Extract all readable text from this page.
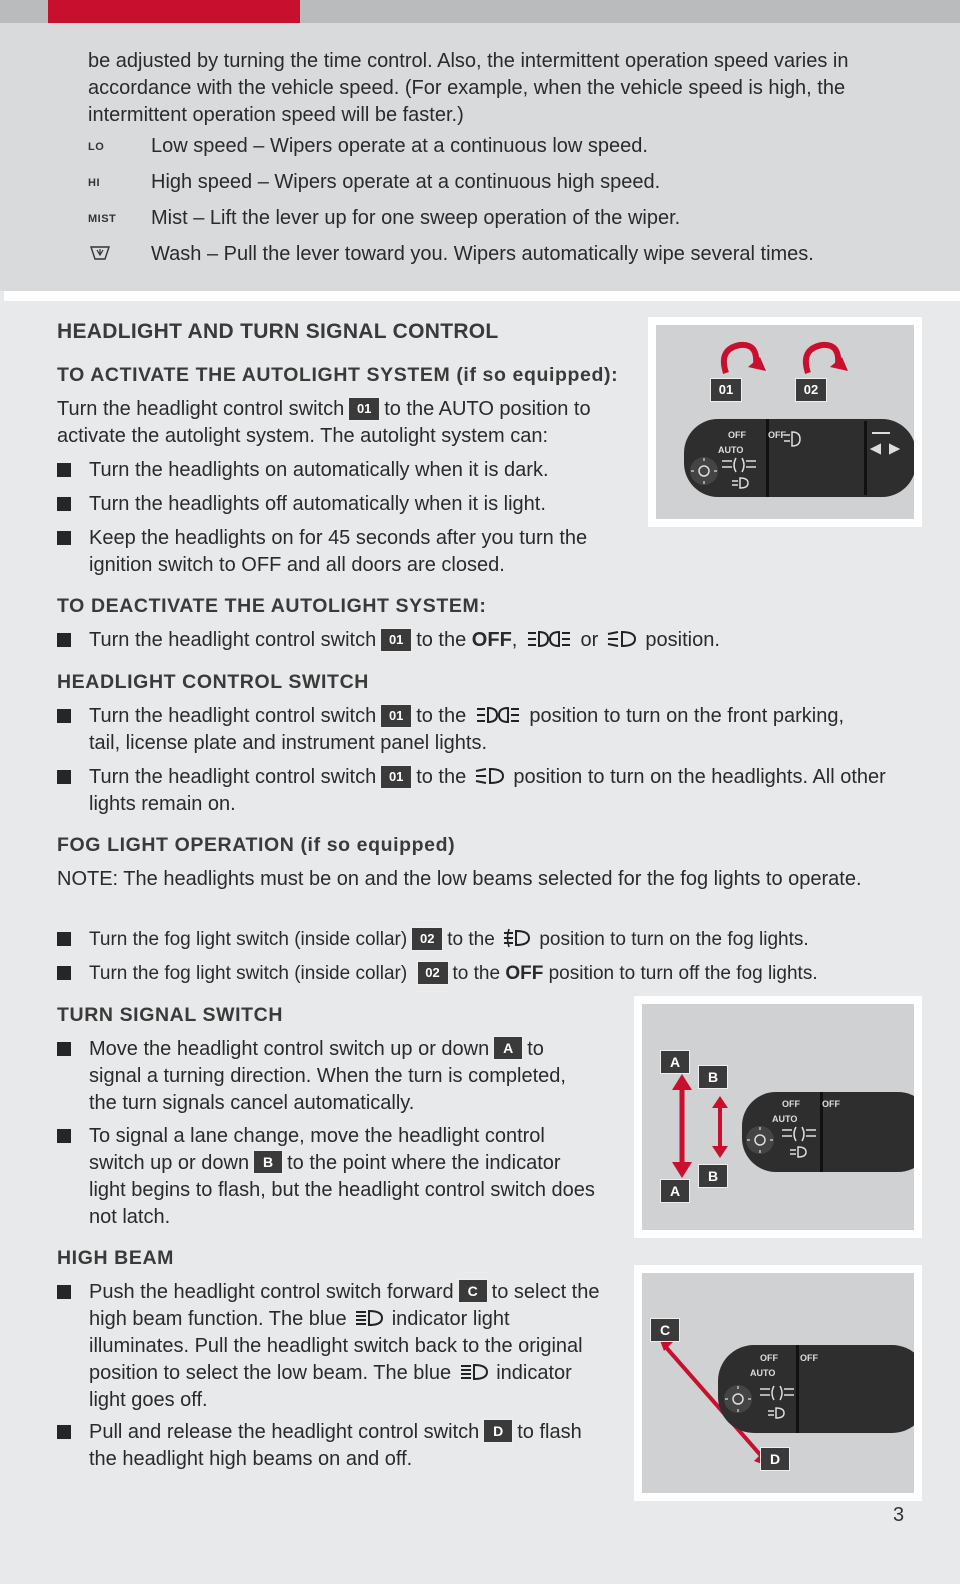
be adjusted by turning the time control. Also, the intermittent operation speed varies in accordance with the vehicle speed. (For example, when the vehicle speed is high, the intermittent operation speed will be faster.)
LO	Low speed – Wipers operate at a continuous low speed.
HI	High speed – Wipers operate at a continuous high speed.
MIST	Mist – Lift the lever up for one sweep operation of the wiper.
Wash – Pull the lever toward you. Wipers automatically wipe several times.
HEADLIGHT AND TURN SIGNAL CONTROL
TO ACTIVATE THE AUTOLIGHT SYSTEM (if so equipped):
Turn the headlight control switch 01 to the AUTO position to activate the autolight system. The autolight system can:
Turn the headlights on automatically when it is dark.
Turn the headlights off automatically when it is light.
Keep the headlights on for 45 seconds after you turn the ignition switch to OFF and all doors are closed.
TO DEACTIVATE THE AUTOLIGHT SYSTEM:
Turn the headlight control switch 01 to the OFF,	or position.
HEADLIGHT CONTROL SWITCH
Turn the headlight control switch 01 to the	position to turn on the front parking, tail, license plate and instrument panel lights.
Turn the headlight control switch 01 to the position to turn on the headlights. All other lights remain on.
FOG LIGHT OPERATION (if so equipped)
NOTE: The headlights must be on and the low beams selected for the fog lights to operate.
Turn the fog light switch (inside collar) 02 to the position to turn on the fog lights.
Turn the fog light switch (inside collar) 02 to the OFF position to turn off the fog lights.
TURN SIGNAL SWITCH
Move the headlight control switch up or down A to signal a turning direction. When the turn is completed, the turn signals cancel automatically.
To signal a lane change, move the headlight control switch up or down B to the point where the indicator light begins to flash, but the headlight control switch does not latch.
HIGH BEAM
Push the headlight control switch forward C to select the high beam function. The blue indicator light illuminates. Pull the headlight switch back to the original position to select the low beam. The blue indicator light goes off.
Pull and release the headlight control switch D to flash the headlight high beams on and off.
01	02
OFF OFF
AUTO
A
B
B
A
OFF OFF
AUTO
C
D
OFF OFF
AUTO
3
